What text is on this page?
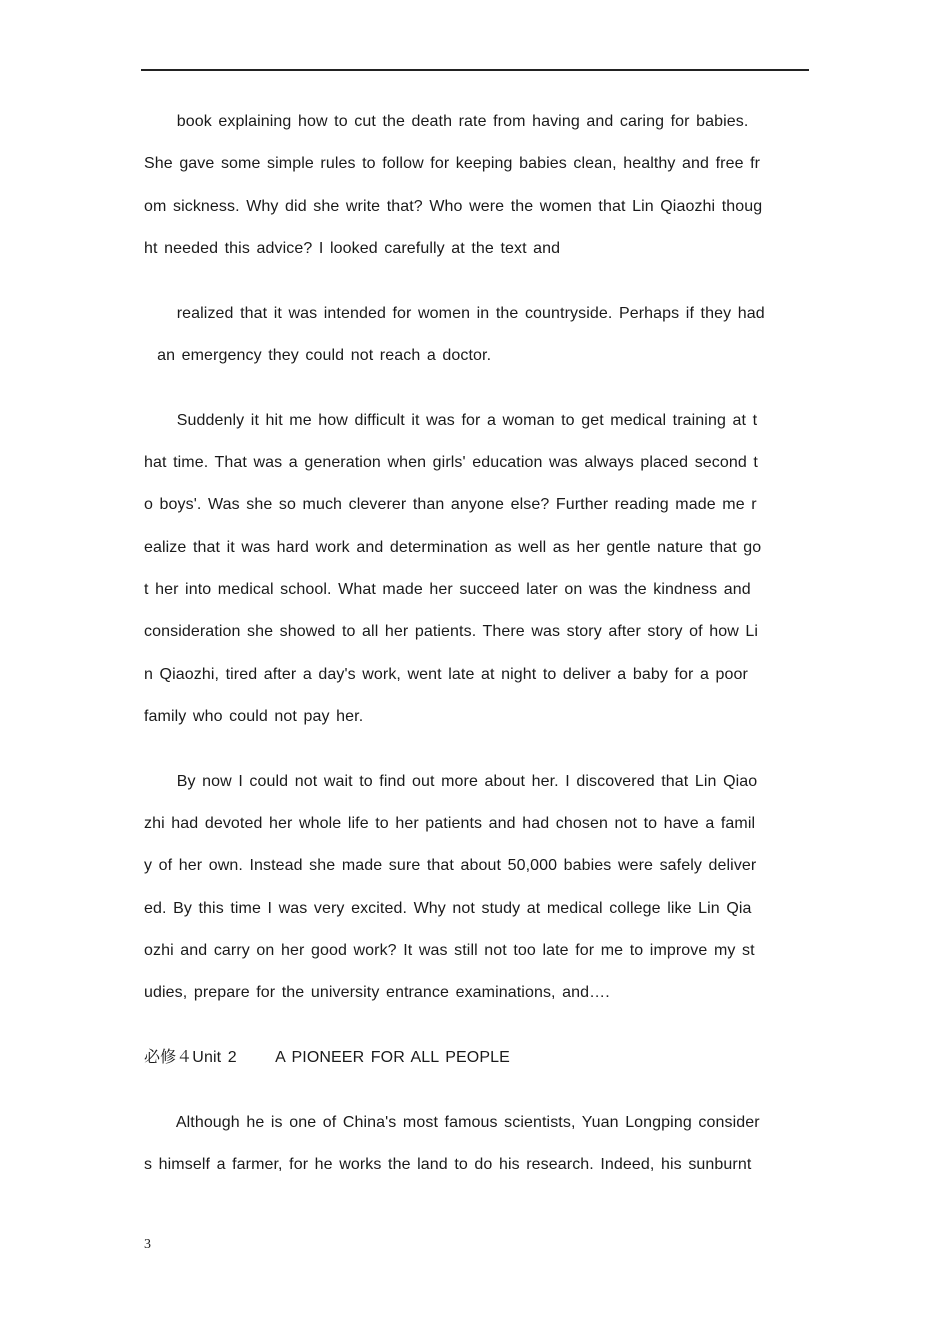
book explaining how to cut the death rate from having and caring for babies.
She gave some simple rules to follow for keeping babies clean, healthy and free fr
om sickness. Why did she write that? Who were the women that Lin Qiaozhi thoug
ht needed this advice? I looked carefully at the text and
realized that it was intended for women in the countryside. Perhaps if they had
an emergency they could not reach a doctor.
Suddenly it hit me how difficult it was for a woman to get medical training at t
hat time. That was a generation when girls' education was always placed second t
o boys'. Was she so much cleverer than anyone else? Further reading made me r
ealize that it was hard work and determination as well as her gentle nature that go
t her into medical school. What made her succeed later on was the kindness and
consideration she showed to all her patients. There was story after story of how Li
n Qiaozhi, tired after a day's work, went late at night to deliver a baby for a poor
family who could not pay her.
By now I could not wait to find out more about her. I discovered that Lin Qiao
zhi had devoted her whole life to her patients and had chosen not to have a famil
y of her own. Instead she made sure that about 50,000 babies were safely deliver
ed. By this time I was very excited. Why not study at medical college like Lin Qia
ozhi and carry on her good work? It was still not too late for me to improve my st
udies, prepare for the university entrance examinations, and….
必修４Unit 2      A PIONEER FOR ALL PEOPLE
Although he is one of China's most famous scientists, Yuan Longping consider
s himself a farmer, for he works the land to do his research. Indeed, his sunburnt
3
